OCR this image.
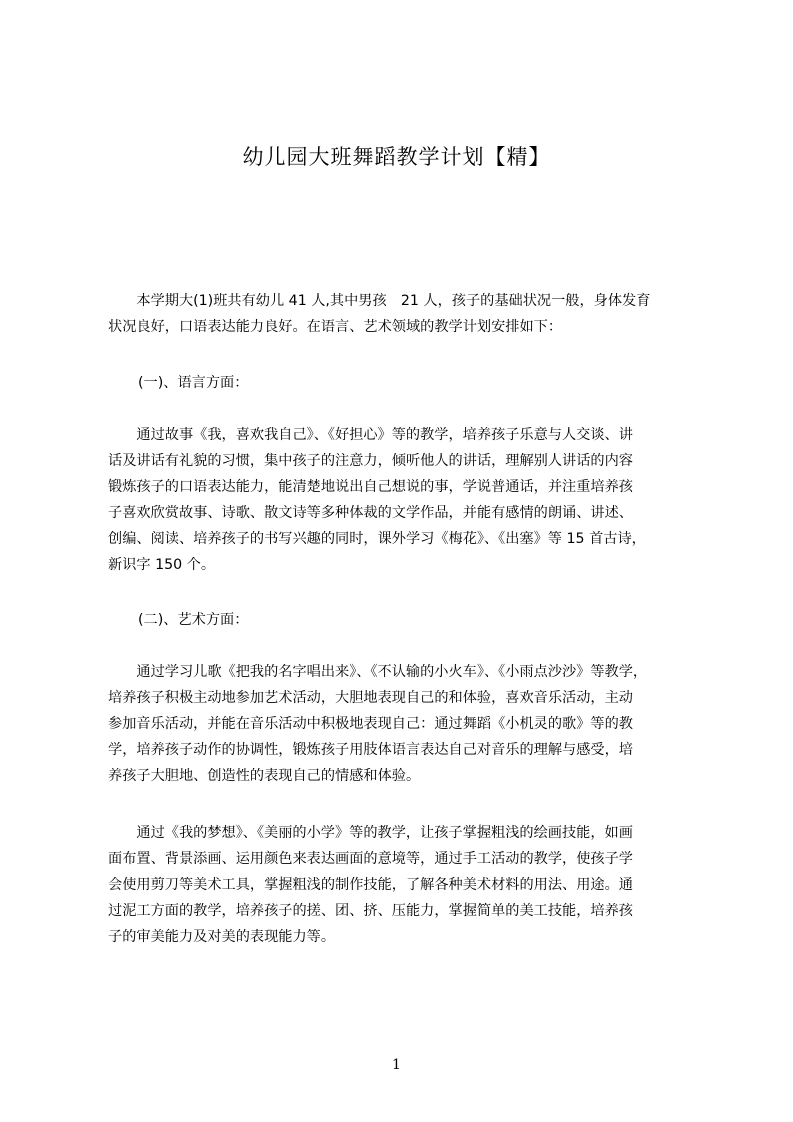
幼儿园大班舞蹈教学计划【精】

　　本学期大(1)班共有幼儿 41 人,其中男孩　21 人，孩子的基础状况一般，身体发育
状况良好，口语表达能力良好。在语言、艺术领域的教学计划安排如下：

(一)、语言方面：

　　通过故事《我，喜欢我自己》、《好担心》等的教学，培养孩子乐意与人交谈、讲
话及讲话有礼貌的习惯，集中孩子的注意力，倾听他人的讲话，理解别人讲话的内容
锻炼孩子的口语表达能力，能清楚地说出自己想说的事，学说普通话，并注重培养孩
子喜欢欣赏故事、诗歌、散文诗等多种体裁的文学作品，并能有感情的朗诵、讲述、
创编、阅读、培养孩子的书写兴趣的同时，课外学习《梅花》、《出塞》等 15 首古诗，
新识字 150 个。

(二)、艺术方面：

　　通过学习儿歌《把我的名字唱出来》、《不认输的小火车》、《小雨点沙沙》等教学，
培养孩子积极主动地参加艺术活动，大胆地表现自己的和体验，喜欢音乐活动，主动
参加音乐活动，并能在音乐活动中积极地表现自己：通过舞蹈《小机灵的歌》等的教
学，培养孩子动作的协调性，锻炼孩子用肢体语言表达自己对音乐的理解与感受，培
养孩子大胆地、创造性的表现自己的情感和体验。

　　通过《我的梦想》、《美丽的小学》等的教学，让孩子掌握粗浅的绘画技能，如画
面布置、背景添画、运用颜色来表达画面的意境等，通过手工活动的教学，使孩子学
会使用剪刀等美术工具，掌握粗浅的制作技能，了解各种美术材料的用法、用途。通
过泥工方面的教学，培养孩子的搓、团、挤、压能力，掌握简单的美工技能，培养孩
子的审美能力及对美的表现能力等。

1
